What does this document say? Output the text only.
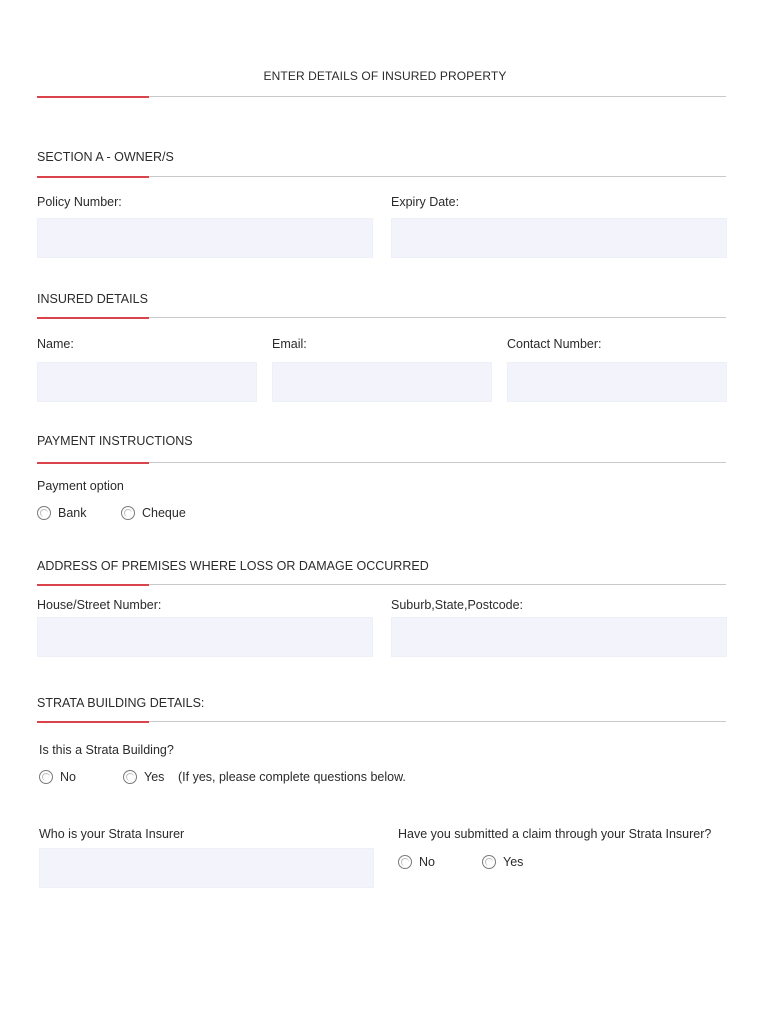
ENTER DETAILS OF INSURED PROPERTY
SECTION A - OWNER/S
Policy Number:	Expiry Date:
INSURED DETAILS
Name:	Email:	Contact Number:
PAYMENT INSTRUCTIONS
Payment option
Bank	Cheque
ADDRESS OF PREMISES WHERE LOSS OR DAMAGE OCCURRED
House/Street Number:	Suburb,State,Postcode:
STRATA BUILDING DETAILS:
Is this a Strata Building?
No	Yes (If yes, please complete questions below.
Who is your Strata Insurer	Have you submitted a claim through your Strata Insurer?
No	Yes
